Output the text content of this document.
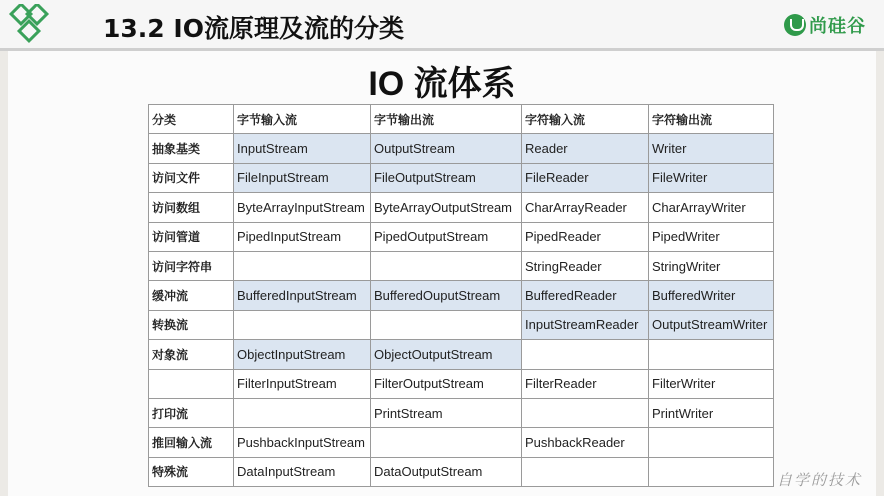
13.2 IO流原理及流的分类	尚硅谷
IO 流体系
分类	字节输入流	字节输出流	字符输入流	字符输出流
抽象基类	InputStream	OutputStream	Reader	Writer
访问文件	FileInputStream	FileOutputStream	FileReader	FileWriter
访问数组	ByteArrayInputStream	ByteArrayOutputStream	CharArrayReader	CharArrayWriter
访问管道	PipedInputStream	PipedOutputStream	PipedReader	PipedWriter
访问字符串			StringReader	StringWriter
缓冲流	BufferedInputStream	BufferedOuputStream	BufferedReader	BufferedWriter
转换流			InputStreamReader	OutputStreamWriter
对象流	ObjectInputStream	ObjectOutputStream		
	FilterInputStream	FilterOutputStream	FilterReader	FilterWriter
打印流		PrintStream		PrintWriter
推回输入流	PushbackInputStream		PushbackReader	
特殊流	DataInputStream	DataOutputStream			自学的技术
